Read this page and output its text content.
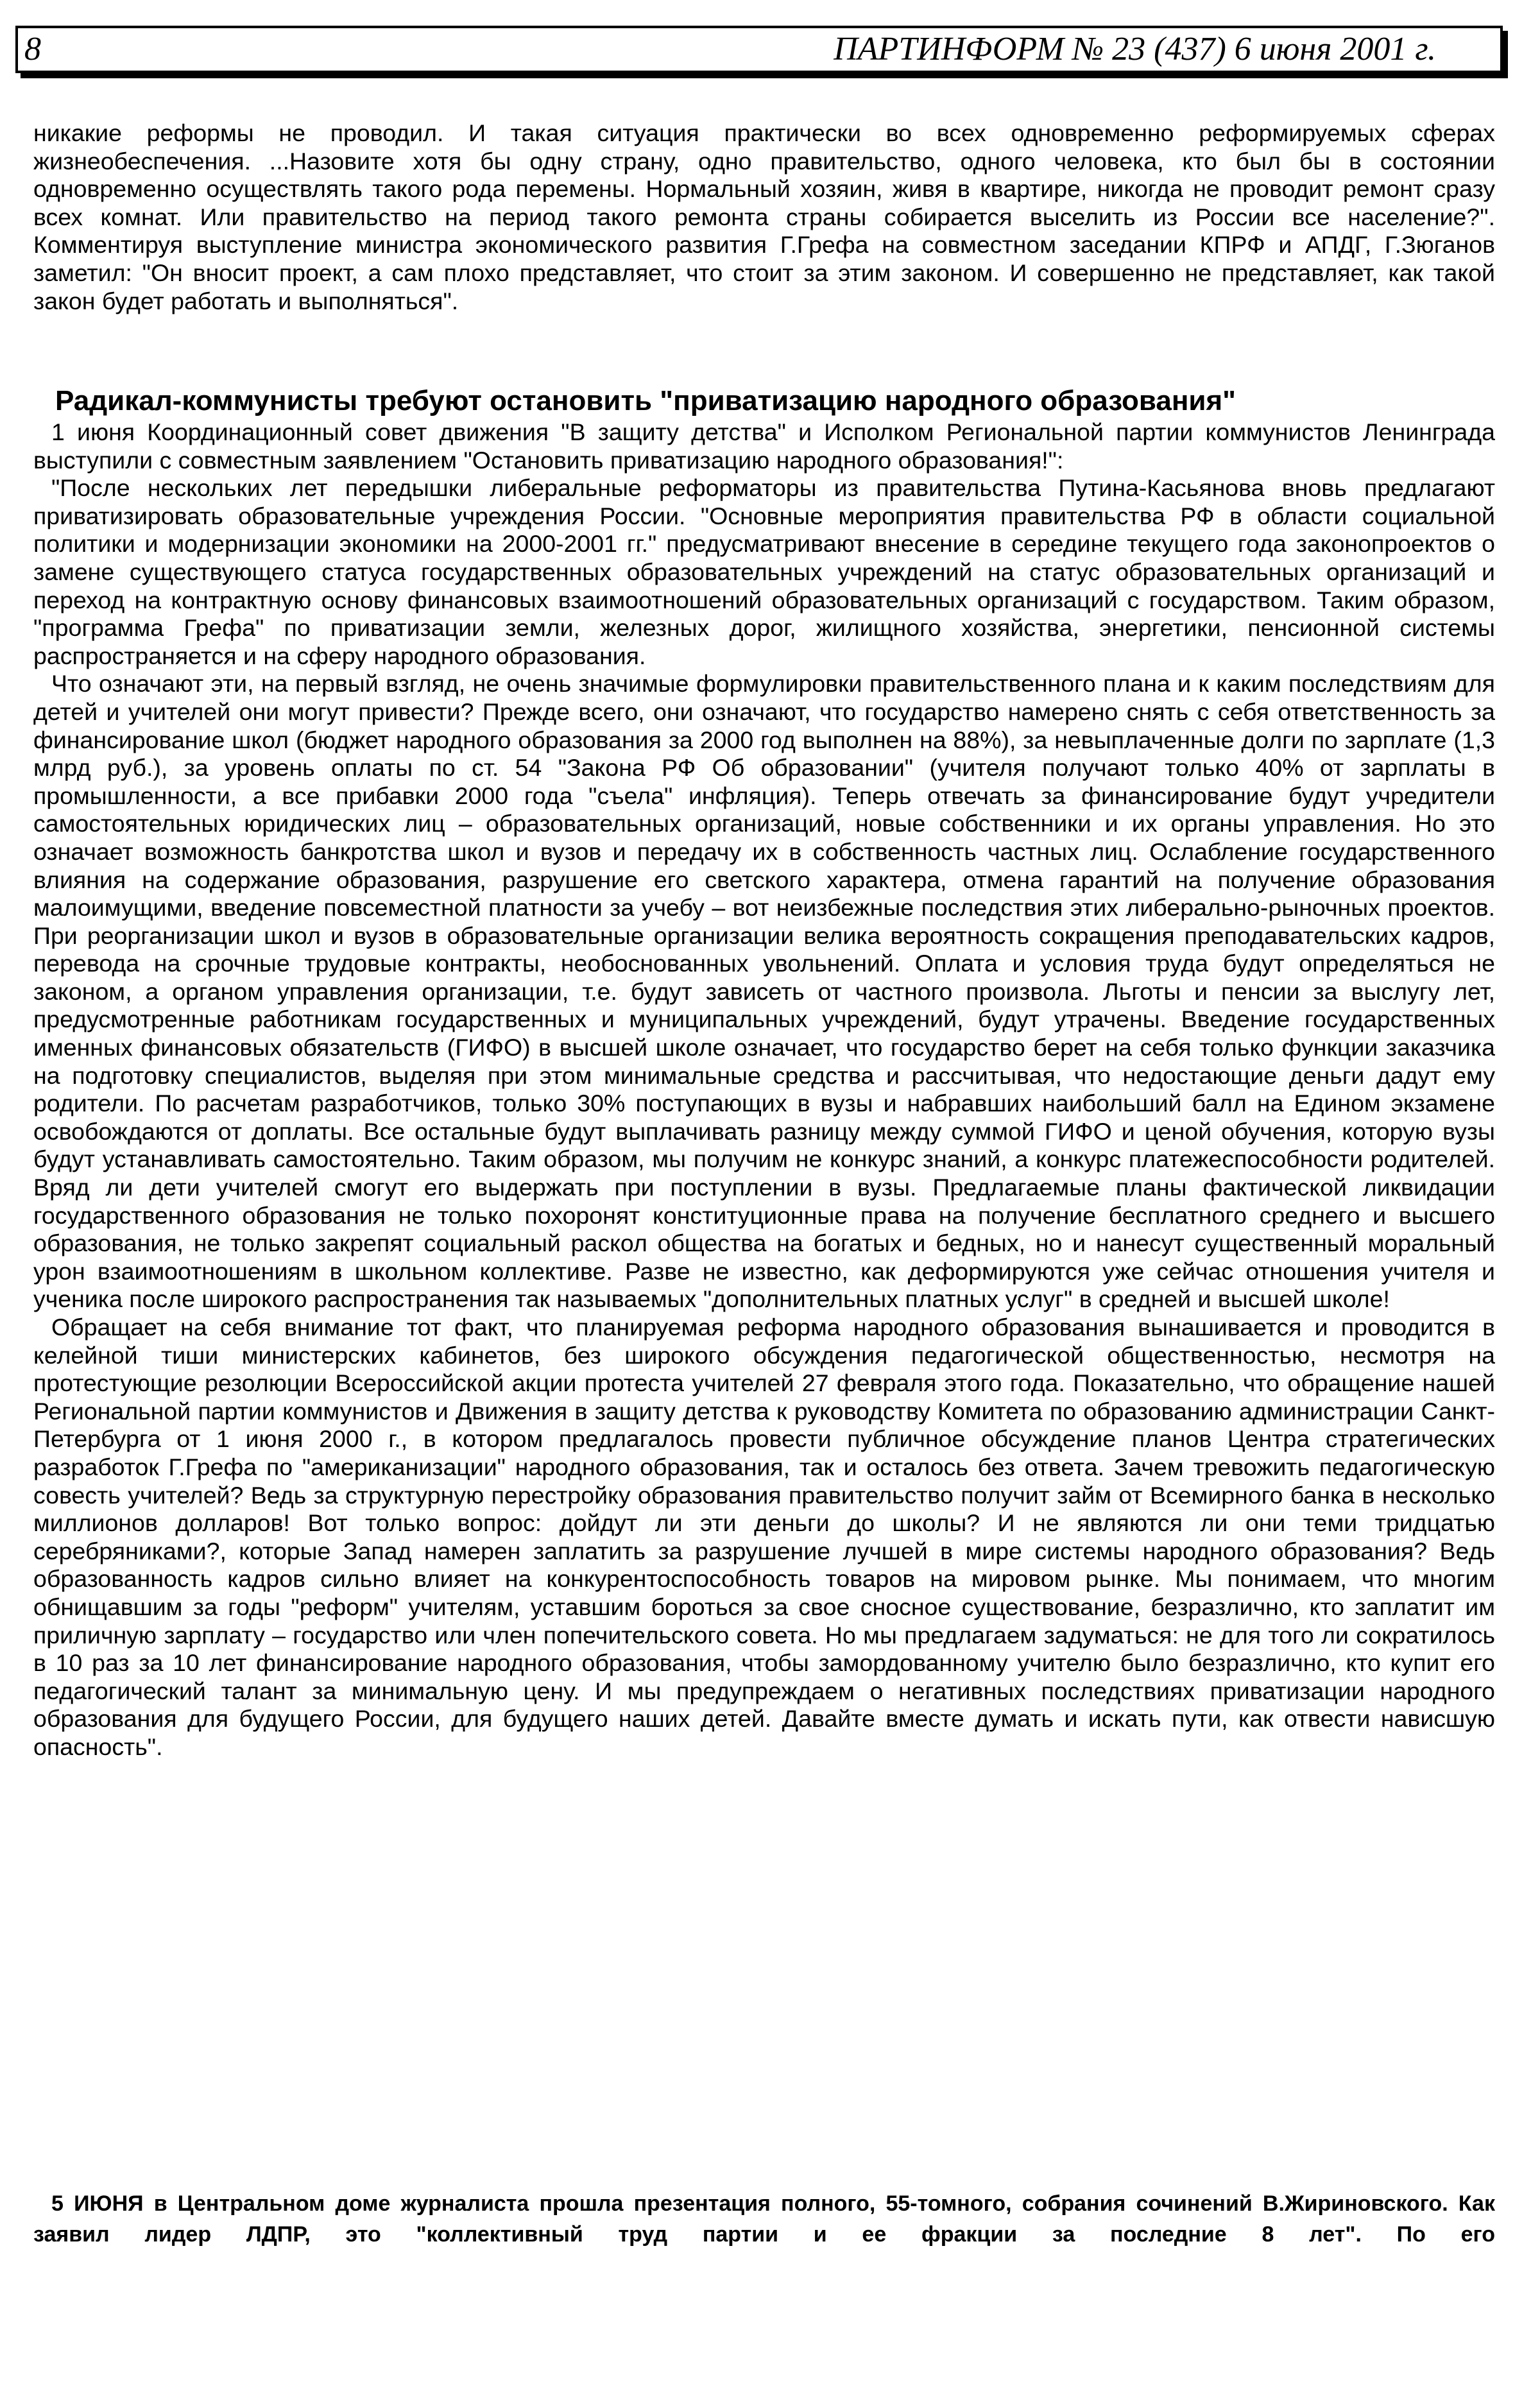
8	ПАРТИНФОРМ № 23 (437) 6 июня 2001 г.

никакие реформы не проводил. И такая ситуация практически во всех одновременно реформируемых сферах жизнеобеспечения. ...Назовите хотя бы одну страну, одно правительство, одного человека, кто был бы в состоянии одновременно осуществлять такого рода перемены. Нормальный хозяин, живя в квартире, никогда не проводит ремонт сразу всех комнат. Или правительство на период такого ремонта страны собирается выселить из России все население?". Комментируя выступление министра экономического развития Г.Грефа на совместном заседании КПРФ и АПДГ, Г.Зюганов заметил: "Он вносит проект, а сам плохо представляет, что стоит за этим законом. И совершенно не представляет, как такой закон будет работать и выполняться".

Радикал-коммунисты требуют остановить "приватизацию народного образования"

1 июня Координационный совет движения "В защиту детства" и Исполком Региональной партии коммунистов Ленинграда выступили с совместным заявлением "Остановить приватизацию народного образования!":

"После нескольких лет передышки либеральные реформаторы из правительства Путина-Касьянова вновь предлагают приватизировать образовательные учреждения России. "Основные мероприятия правительства РФ в области социальной политики и модернизации экономики на 2000-2001 гг." предусматривают внесение в середине текущего года законопроектов о замене существующего статуса государственных образовательных учреждений на статус образовательных организаций и переход на контрактную основу финансовых взаимоотношений образовательных организаций с государством. Таким образом, "программа Грефа" по приватизации земли, железных дорог, жилищного хозяйства, энергетики, пенсионной системы распространяется и на сферу народного образования.

Что означают эти, на первый взгляд, не очень значимые формулировки правительственного плана и к каким последствиям для детей и учителей они могут привести? Прежде всего, они означают, что государство намерено снять с себя ответственность за финансирование школ (бюджет народного образования за 2000 год выполнен на 88%), за невыплаченные долги по зарплате (1,3 млрд руб.), за уровень оплаты по ст. 54 "Закона РФ Об образовании" (учителя получают только 40% от зарплаты в промышленности, а все прибавки 2000 года "съела" инфляция). Теперь отвечать за финансирование будут учредители самостоятельных юридических лиц – образовательных организаций, новые собственники и их органы управления. Но это означает возможность банкротства школ и вузов и передачу их в собственность частных лиц. Ослабление государственного влияния на содержание образования, разрушение его светского характера, отмена гарантий на получение образования малоимущими, введение повсеместной платности за учебу – вот неизбежные последствия этих либерально-рыночных проектов. При реорганизации школ и вузов в образовательные организации велика вероятность сокращения преподавательских кадров, перевода на срочные трудовые контракты, необоснованных увольнений. Оплата и условия труда будут определяться не законом, а органом управления организации, т.е. будут зависеть от частного произвола. Льготы и пенсии за выслугу лет, предусмотренные работникам государственных и муниципальных учреждений, будут утрачены. Введение государственных именных финансовых обязательств (ГИФО) в высшей школе означает, что государство берет на себя только функции заказчика на подготовку специалистов, выделяя при этом минимальные средства и рассчитывая, что недостающие деньги дадут ему родители. По расчетам разработчиков, только 30% поступающих в вузы и набравших наибольший балл на Едином экзамене освобождаются от доплаты. Все остальные будут выплачивать разницу между суммой ГИФО и ценой обучения, которую вузы будут устанавливать самостоятельно. Таким образом, мы получим не конкурс знаний, а конкурс платежеспособности родителей. Вряд ли дети учителей смогут его выдержать при поступлении в вузы. Предлагаемые планы фактической ликвидации государственного образования не только похоронят конституционные права на получение бесплатного среднего и высшего образования, не только закрепят социальный раскол общества на богатых и бедных, но и нанесут существенный моральный урон взаимоотношениям в школьном коллективе. Разве не известно, как деформируются уже сейчас отношения учителя и ученика после широкого распространения так называемых "дополнительных платных услуг" в средней и высшей школе!

Обращает на себя внимание тот факт, что планируемая реформа народного образования вынашивается и проводится в келейной тиши министерских кабинетов, без широкого обсуждения педагогической общественностью, несмотря на протестующие резолюции Всероссийской акции протеста учителей 27 февраля этого года. Показательно, что обращение нашей Региональной партии коммунистов и Движения в защиту детства к руководству Комитета по образованию администрации Санкт-Петербурга от 1 июня 2000 г., в котором предлагалось провести публичное обсуждение планов Центра стратегических разработок Г.Грефа по "американизации" народного образования, так и осталось без ответа. Зачем тревожить педагогическую совесть учителей? Ведь за структурную перестройку образования правительство получит займ от Всемирного банка в несколько миллионов долларов! Вот только вопрос: дойдут ли эти деньги до школы? И не являются ли они теми тридцатью серебряниками?, которые Запад намерен заплатить за разрушение лучшей в мире системы народного образования? Ведь образованность кадров сильно влияет на конкурентоспособность товаров на мировом рынке. Мы понимаем, что многим обнищавшим за годы "реформ" учителям, уставшим бороться за свое сносное существование, безразлично, кто заплатит им приличную зарплату – государство или член попечительского совета. Но мы предлагаем задуматься: не для того ли сократилось в 10 раз за 10 лет финансирование народного образования, чтобы замордованному учителю было безразлично, кто купит его педагогический талант за минимальную цену. И мы предупреждаем о негативных последствиях приватизации народного образования для будущего России, для будущего наших детей. Давайте вместе думать и искать пути, как отвести нависшую опасность".

5 ИЮНЯ в Центральном доме журналиста прошла презентация полного, 55-томного, собрания сочинений В.Жириновского. Как заявил лидер ЛДПР, это "коллективный труд партии и ее фракции за последние 8 лет". По его
